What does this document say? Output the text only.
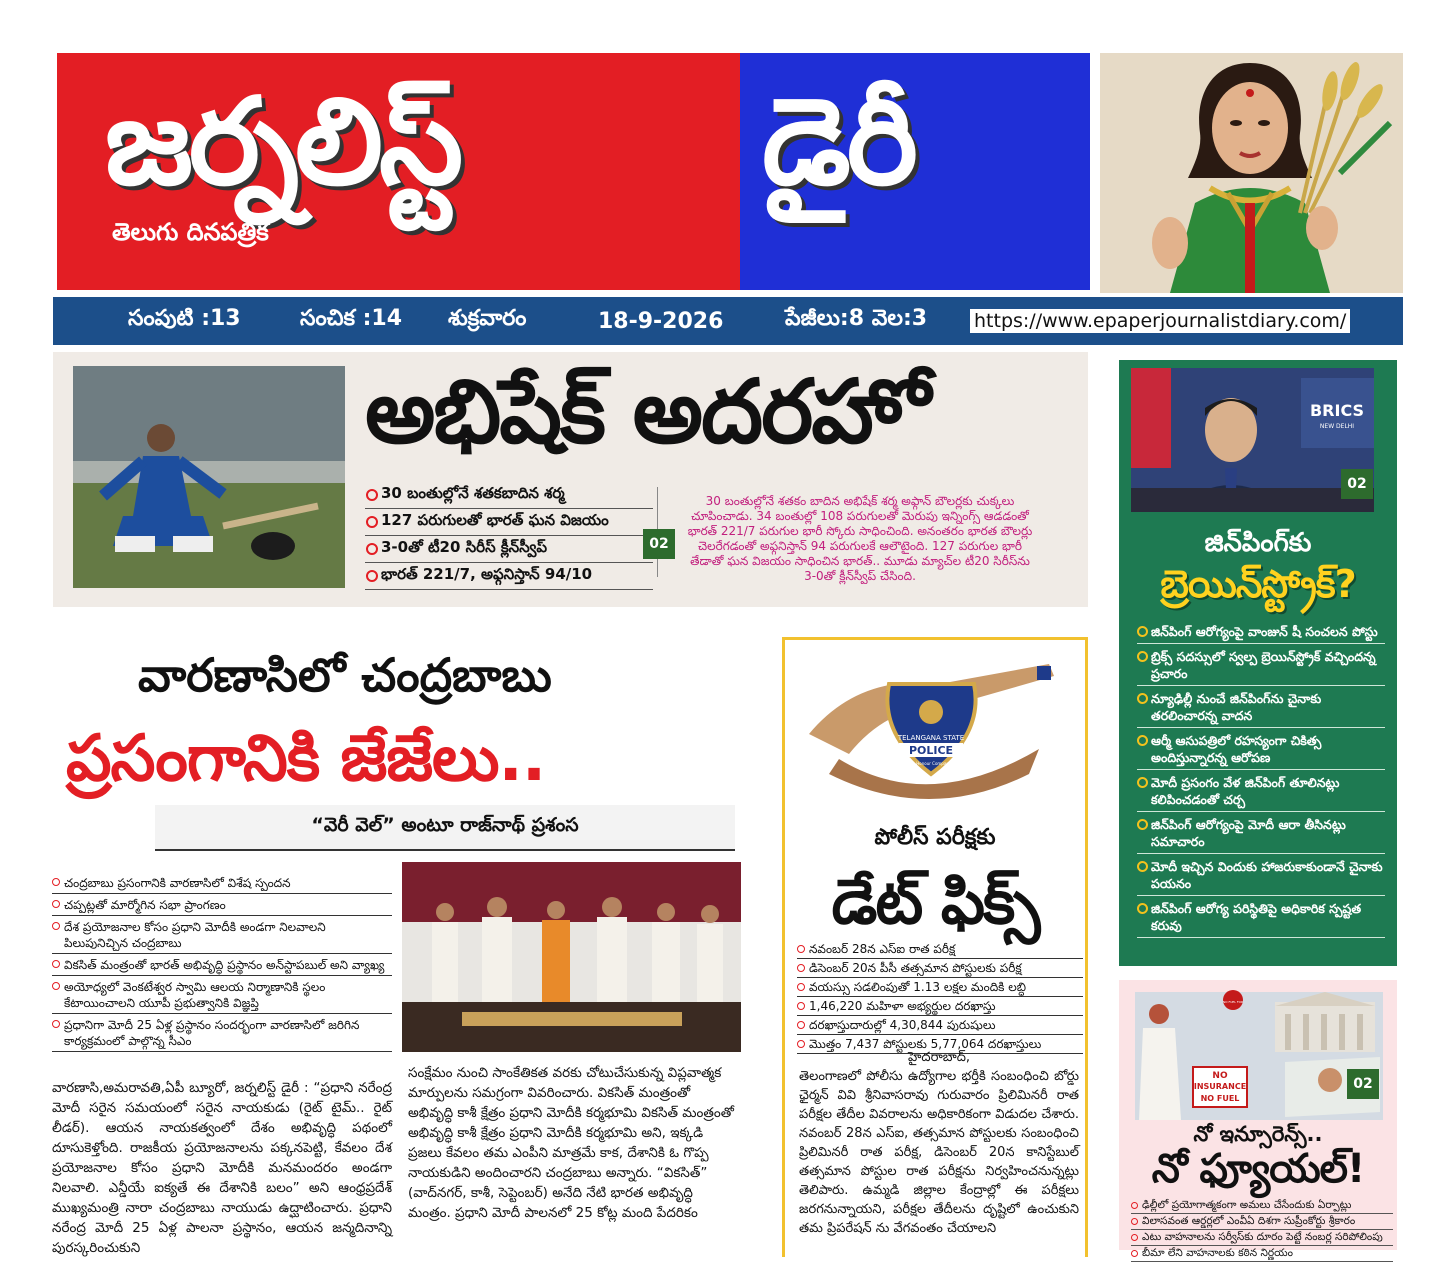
జర్నలిస్ట్
తెలుగు దినపత్రిక
డైరీ
సంపుటి :13	సంచిక :14 శుక్రవారం	18-9-2026	పేజీలు:8 వెల:3 https://www.epaperjournalistdiary.com/
అభిషేక్ అదరహో
30 బంతుల్లోనే శతకబాదిన శర్మ
127 పరుగులతో భారత్ ఘన విజయం
3-0తో టీ20 సిరీస్ క్లీన్‌స్వీప్
భారత్ 221/7, అఫ్గనిస్తాన్ 94/10
02
30 బంతుల్లోనే శతకం బాదిన అభిషేక్ శర్మ అఫ్గాన్ బౌలర్లకు చుక్కలు చూపించాడు. 34 బంతుల్లో 108 పరుగులతో మెరుపు ఇన్నింగ్స్ ఆడడంతో భారత్ 221/7 పరుగుల భారీ స్కోరు సాధించింది. అనంతరం భారత బౌలర్లు చెలరేగడంతో అఫ్గనిస్తాన్ 94 పరుగులకే ఆలౌటైంది. 127 పరుగుల భారీ తేడాతో ఘన విజయం సాధించిన భారత్.. మూడు మ్యాచ్‌ల టీ20 సిరీస్‌ను 3-0తో క్లీన్‌స్వీప్ చేసింది.
వారణాసిలో చంద్రబాబు
ప్రసంగానికి జేజేలు..
“వెరీ వెల్” అంటూ రాజ్‌నాథ్ ప్రశంస
చంద్రబాబు ప్రసంగానికి వారణాసిలో విశేష స్పందన
చప్పట్లతో మార్మోగిన సభా ప్రాంగణం
దేశ ప్రయోజనాల కోసం ప్రధాని మోదీకి అండగా నిలవాలని పిలుపునిచ్చిన చంద్రబాబు
వికసిత్ మంత్రంతో భారత్ అభివృద్ధి ప్రస్థానం అన్‌స్టాపబుల్ అని వ్యాఖ్య
అయోధ్యలో వెంకటేశ్వర స్వామి ఆలయ నిర్మాణానికి స్థలం కేటాయించాలని యూపీ ప్రభుత్వానికి విజ్ఞప్తి
ప్రధానిగా మోదీ 25 ఏళ్ల ప్రస్థానం సందర్భంగా వారణాసిలో జరిగిన కార్యక్రమంలో పాల్గొన్న సీఎం
వారణాసి,అమరావతి,ఏపీ బ్యూరో, జర్నలిస్ట్ డైరీ : “ప్రధాని నరేంద్ర మోదీ సరైన సమయంలో సరైన నాయకుడు (రైట్ టైమ్.. రైట్ లీడర్). ఆయన నాయకత్వంలో దేశం అభివృద్ధి పథంలో దూసుకెళ్తోంది. రాజకీయ ప్రయోజనాలను పక్కనపెట్టి, కేవలం దేశ ప్రయోజనాల కోసం ప్రధాని మోదీకి మనమందరం అండగా నిలవాలి. ఎన్డీయే ఐక్యతే ఈ దేశానికి బలం” అని ఆంధ్రప్రదేశ్ ముఖ్యమంత్రి నారా చంద్రబాబు నాయుడు ఉద్ఘాటించారు. ప్రధాని నరేంద్ర మోదీ 25 ఏళ్ల పాలనా ప్రస్థానం, ఆయన జన్మదినాన్ని పురస్కరించుకుని
సంక్షేమం నుంచి సాంకేతికత వరకు చోటుచేసుకున్న విప్లవాత్మక మార్పులను సమగ్రంగా వివరించారు. వికసిత్ మంత్రంతో అభివృద్ధి కాశీ క్షేత్రం ప్రధాని మోదీకి కర్మభూమి వికసిత్ మంత్రంతో అభివృద్ధి కాశీ క్షేత్రం ప్రధాని మోదీకి కర్మభూమి అని, ఇక్కడి ప్రజలు కేవలం తమ ఎంపీని మాత్రమే కాక, దేశానికి ఓ గొప్ప నాయకుడిని అందించారని చంద్రబాబు అన్నారు. “వికసిత్” (వాద్‌నగర్, కాశీ, సెప్టెంబర్) అనేది నేటి భారత అభివృద్ధి మంత్రం. ప్రధాని మోదీ పాలనలో 25 కోట్ల మంది పేదరికం
TELANGANA STATE
POLICE
Duty Honour Compassion
పోలీస్ పరీక్షకు
డేట్ ఫిక్స్
నవంబర్ 28న ఎస్ఐ రాత పరీక్ష
డిసెంబర్ 20న పీసీ తత్సమాన పోస్టులకు పరీక్ష
వయస్సు సడలింపుతో 1.13 లక్షల మందికి లబ్ధి
1,46,220 మహిళా అభ్యర్థుల దరఖాస్తు
దరఖాస్తుదారుల్లో 4,30,844 పురుషులు
మొత్తం 7,437 పోస్టులకు 5,77,064 దరఖాస్తులు
హైదరాబాద్,
తెలంగాణలో పోలీసు ఉద్యోగాల భర్తీకి సంబంధించి బోర్డు ఛైర్మన్ వివి శ్రీనివాసరావు గురువారం ప్రిలిమినరీ రాత పరీక్షల తేదీల వివరాలను అధికారికంగా విడుదల చేశారు. నవంబర్ 28న ఎస్ఐ, తత్సమాన పోస్టులకు సంబంధించి ప్రిలిమినరీ రాత పరీక్ష, డిసెంబర్ 20న కానిస్టేబుల్ తత్సమాన పోస్టుల రాత పరీక్షను నిర్వహించనున్నట్లు తెలిపారు. ఉమ్మడి జిల్లాల కేంద్రాల్లో ఈ పరీక్షలు జరగనున్నాయని, పరీక్షల తేదీలను దృష్టిలో ఉంచుకుని తమ ప్రిపరేషన్ ను వేగవంతం చేయాలని
BRICS
NEW DELHI
02
జిన్‌పింగ్‌కు
బ్రెయిన్‌స్ట్రోక్?
జిన్‌పింగ్ ఆరోగ్యంపై వాంజున్ షీ సంచలన పోస్టు
బ్రిక్స్ సదస్సులో స్వల్ప బ్రెయిన్‌స్ట్రోక్ వచ్చిందన్న ప్రచారం
న్యూఢిల్లీ నుంచే జిన్‌పింగ్‌ను చైనాకు తరలించారన్న వాదన
ఆర్మీ ఆసుపత్రిలో రహస్యంగా చికిత్స అందిస్తున్నారన్న ఆరోపణ
మోదీ ప్రసంగం వేళ జిన్‌పింగ్ తూలినట్లు కలిపించడంతో చర్చ
జిన్‌పింగ్ ఆరోగ్యంపై మోదీ ఆరా తీసినట్లు సమాచారం
మోదీ ఇచ్చిన విందుకు హాజరుకాకుండానే చైనాకు పయనం
జిన్‌పింగ్ ఆరోగ్య పరిస్థితిపై అధికారిక స్పష్టత కరువు
NO FUEL FOR
NO
INSURANCE
NO FUEL
02
నో ఇన్సూరెన్స్..
నో ఫ్యూయల్!
ఢిల్లీలో ప్రయోగాత్మకంగా అమలు చేసేందుకు ఏర్పాట్లు
విలాసవంత ఆర్డర్లలో ఎంవీఏ దిశగా సుప్రీంకోర్టు శ్రీకారం
ఎటు వాహనాలను సర్వీస్‌కు దూరం పెట్టే నంబర్ల సరిపోలింపు
బీమా లేని వాహనాలకు కఠిన నిర్ణయం
